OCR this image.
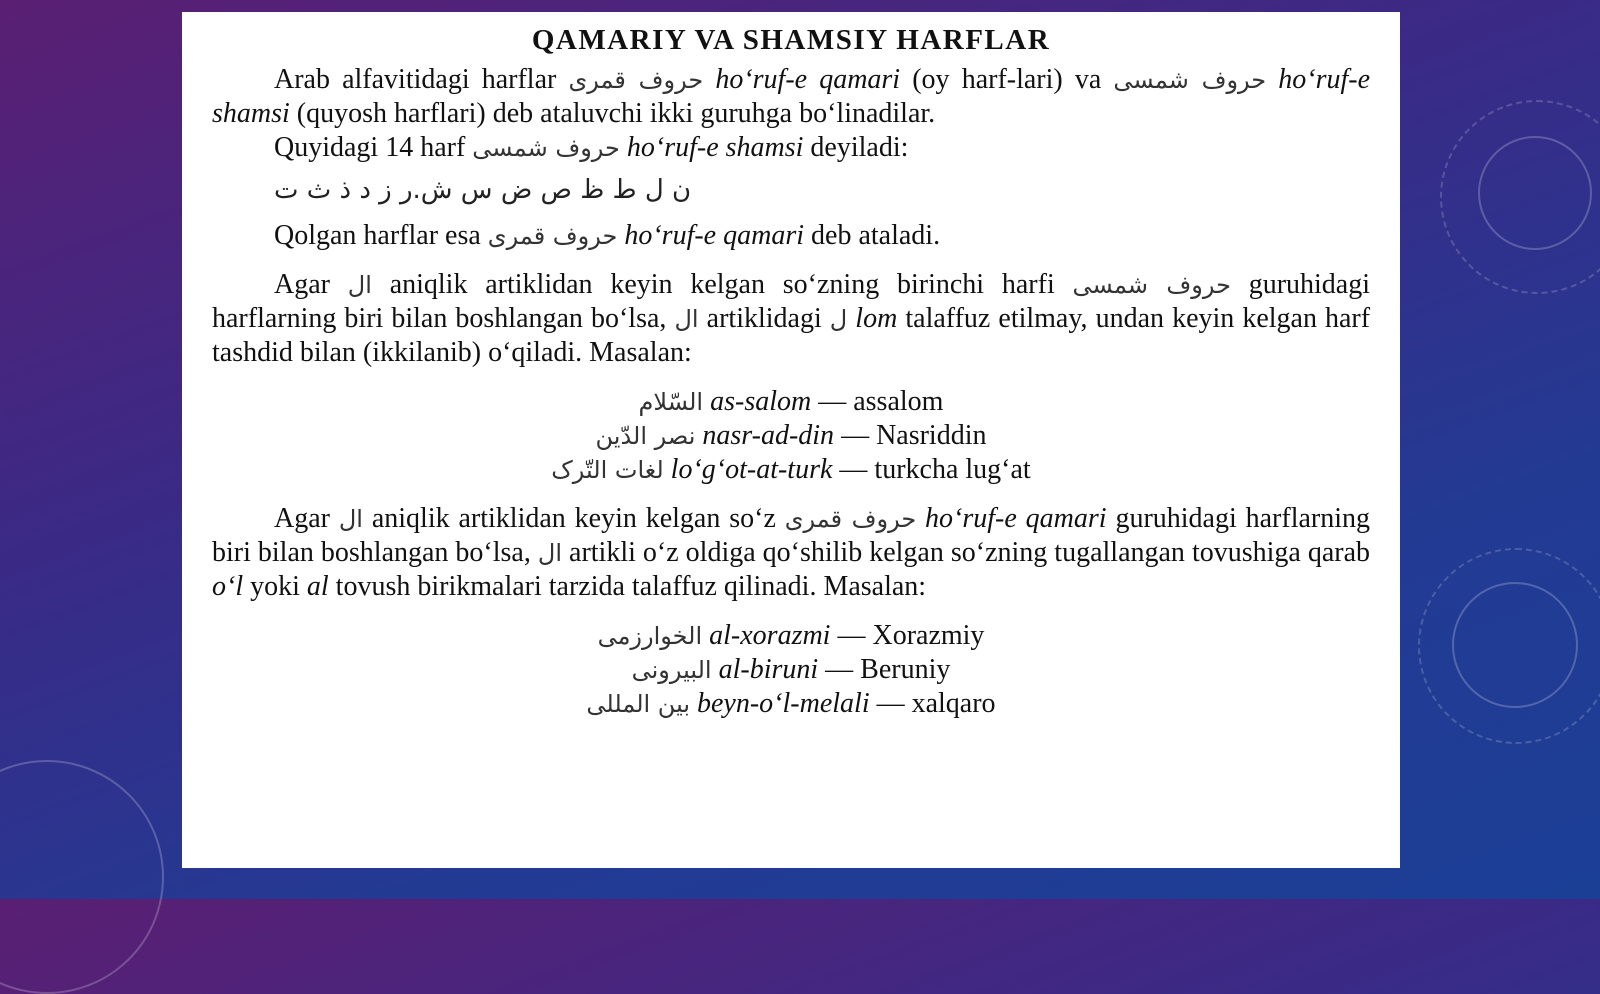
QAMARIY VA SHAMSIY HARFLAR

Arab alfavitidagi harflar حروف قمری ho‘ruf-e qamari (oy harf-lari) va حروف شمسی ho‘ruf-e shamsi (quyosh harflari) deb ataluvchi ikki guruhga bo‘linadilar.

Quyidagi 14 harf حروف شمسی ho‘ruf-e shamsi deyiladi:

ن ل ط ظ ص ض س ش.ر ز د ذ ث ت

Qolgan harflar esa حروف قمری ho‘ruf-e qamari deb ataladi.

Agar ال aniqlik artiklidan keyin kelgan so‘zning birinchi harfi حروف شمسی guruhidagi harflarning biri bilan boshlangan bo‘lsa, ال artiklidagi ل lom talaffuz etilmay, undan keyin kelgan harf tashdid bilan (ikkilanib) o‘qiladi. Masalan:

السّلام as-salom — assalom

نصر الدّین nasr-ad-din — Nasriddin

لغات التّرک lo‘g‘ot-at-turk — turkcha lug‘at

Agar ال aniqlik artiklidan keyin kelgan so‘z حروف قمری ho‘ruf-e qamari guruhidagi harflarning biri bilan boshlangan bo‘lsa, ال artikli o‘z oldiga qo‘shilib kelgan so‘zning tugallangan tovushiga qarab o‘l yoki al tovush birikmalari tarzida talaffuz qilinadi. Masalan:

الخوارزمی al-xorazmi — Xorazmiy

البیرونی al-biruni — Beruniy

بین المللی beyn-o‘l-melali — xalqaro
